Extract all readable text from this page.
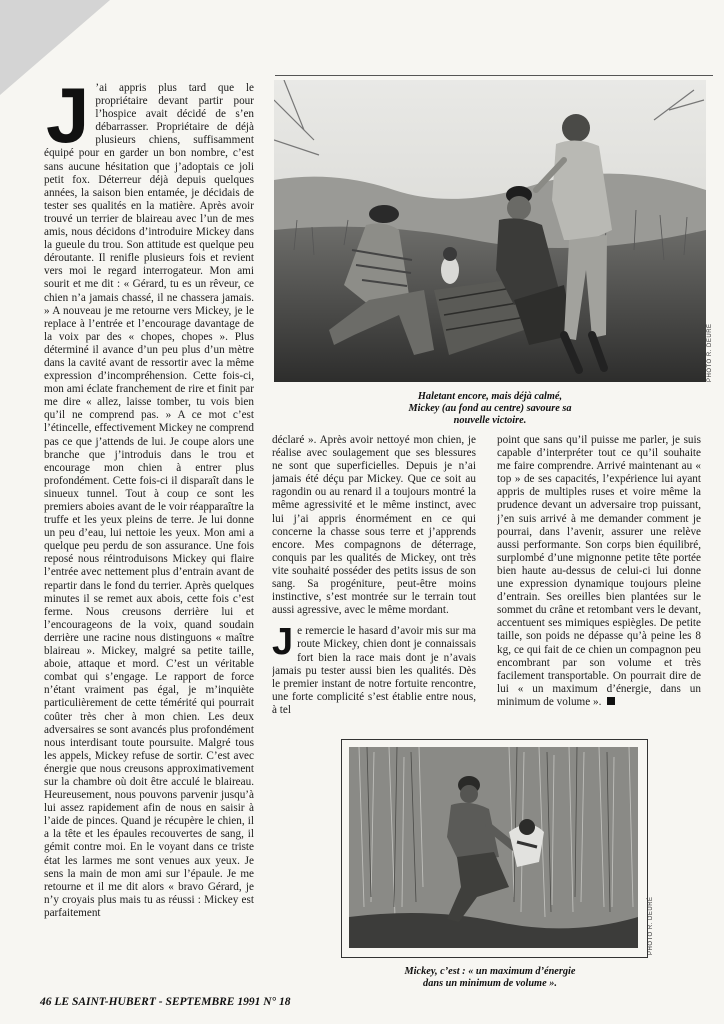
J ’ai appris plus tard que le propriétaire devant partir pour l’hospice avait décidé de s’en débarrasser. Propriétaire de déjà plusieurs chiens, suffisamment équipé pour en garder un bon nombre, c’est sans aucune hésitation que j’adoptais ce joli petit fox. Déterreur déjà depuis quelques années, la saison bien entamée, je décidais de tester ses qualités en la matière. Après avoir trouvé un terrier de blaireau avec l’un de mes amis, nous décidons d’introduire Mickey dans la gueule du trou. Son attitude est quelque peu déroutante. Il renifle plusieurs fois et revient vers moi le regard interrogateur. Mon ami sourit et me dit : « Gérard, tu es un rêveur, ce chien n’a jamais chassé, il ne chassera jamais. » A nouveau je me retourne vers Mickey, je le replace à l’entrée et l’encourage davantage de la voix par des « chopes, chopes ». Plus déterminé il avance d’un peu plus d’un mètre dans la cavité avant de ressortir avec la même expression d’incompréhension. Cette fois-ci, mon ami éclate franchement de rire et finit par me dire « allez, laisse tomber, tu vois bien qu’il ne comprend pas. » A ce mot c’est l’étincelle, effectivement Mickey ne comprend pas ce que j’attends de lui. Je coupe alors une branche que j’introduis dans le trou et encourage mon chien à entrer plus profondément. Cette fois-ci il disparaît dans le sinueux tunnel. Tout à coup ce sont les premiers aboies avant de le voir réapparaître la truffe et les yeux pleins de terre. Je lui donne un peu d’eau, lui nettoie les yeux. Mon ami a quelque peu perdu de son assurance. Une fois reposé nous réintroduisons Mickey qui flaire l’entrée avec nettement plus d’entrain avant de repartir dans le fond du terrier. Après quelques minutes il se remet aux abois, cette fois c’est ferme. Nous creusons derrière lui et l’encourageons de la voix, quand soudain derrière une racine nous distinguons « maître blaireau ». Mickey, malgré sa petite taille, aboie, attaque et mord. C’est un véritable combat qui s’engage. Le rapport de force n’étant vraiment pas égal, je m’inquiète particulièrement de cette témérité qui pourrait coûter très cher à mon chien. Les deux adversaires se sont avancés plus profondément nous interdisant toute poursuite. Malgré tous les appels, Mickey refuse de sortir. C’est avec énergie que nous creusons approximativement sur la chambre où doit être acculé le blaireau. Heureusement, nous pouvons parvenir jusqu’à lui assez rapidement afin de nous en saisir à l’aide de pinces. Quand je récupère le chien, il a la tête et les épaules recouvertes de sang, il gémit contre moi. En le voyant dans ce triste état les larmes me sont venues aux yeux. Je sens la main de mon ami sur l’épaule. Je me retourne et il me dit alors « bravo Gérard, je n’y croyais plus mais tu as réussi : Mickey est parfaitement

PHOTO R. DEURÉ
Haletant encore, mais déjà calmé,
Mickey (au fond au centre) savoure sa
nouvelle victoire.

déclaré ». Après avoir nettoyé mon chien, je réalise avec soulagement que ses blessures ne sont que superficielles. Depuis je n’ai jamais été déçu par Mickey. Que ce soit au ragondin ou au renard il a toujours montré la même agressivité et le même instinct, avec lui j’ai appris énormément en ce qui concerne la chasse sous terre et j’apprends encore. Mes compagnons de déterrage, conquis par les qualités de Mickey, ont très vite souhaité posséder des petits issus de son sang. Sa progéniture, peut-être moins instinctive, s’est montrée sur le terrain tout aussi agressive, avec le même mordant.

Je remercie le hasard d’avoir mis sur ma route Mickey, chien dont je connaissais fort bien la race mais dont je n’avais jamais pu tester aussi bien les qualités. Dès le premier instant de notre fortuite rencontre, une forte complicité s’est établie entre nous, à tel

point que sans qu’il puisse me parler, je suis capable d’interpréter tout ce qu’il souhaite me faire comprendre. Arrivé maintenant au « top » de ses capacités, l’expérience lui ayant appris de multiples ruses et voire même la prudence devant un adversaire trop puissant, j’en suis arrivé à me demander comment je pourrai, dans l’avenir, assurer une relève aussi performante. Son corps bien équilibré, surplombé d’une mignonne petite tête portée bien haute au-dessus de celui-ci lui donne une expression dynamique toujours pleine d’entrain. Ses oreilles bien plantées sur le sommet du crâne et retombant vers le devant, accentuent ses mimiques espiègles. De petite taille, son poids ne dépasse qu’à peine les 8 kg, ce qui fait de ce chien un compagnon peu encombrant par son volume et très facilement transportable. On pourrait dire de lui « un maximum d’énergie, dans un minimum de volume ».

PHOTO R. DEURÉ
Mickey, c’est : « un maximum d’énergie
dans un minimum de volume ».
46 LE SAINT-HUBERT - SEPTEMBRE 1991 N° 18
